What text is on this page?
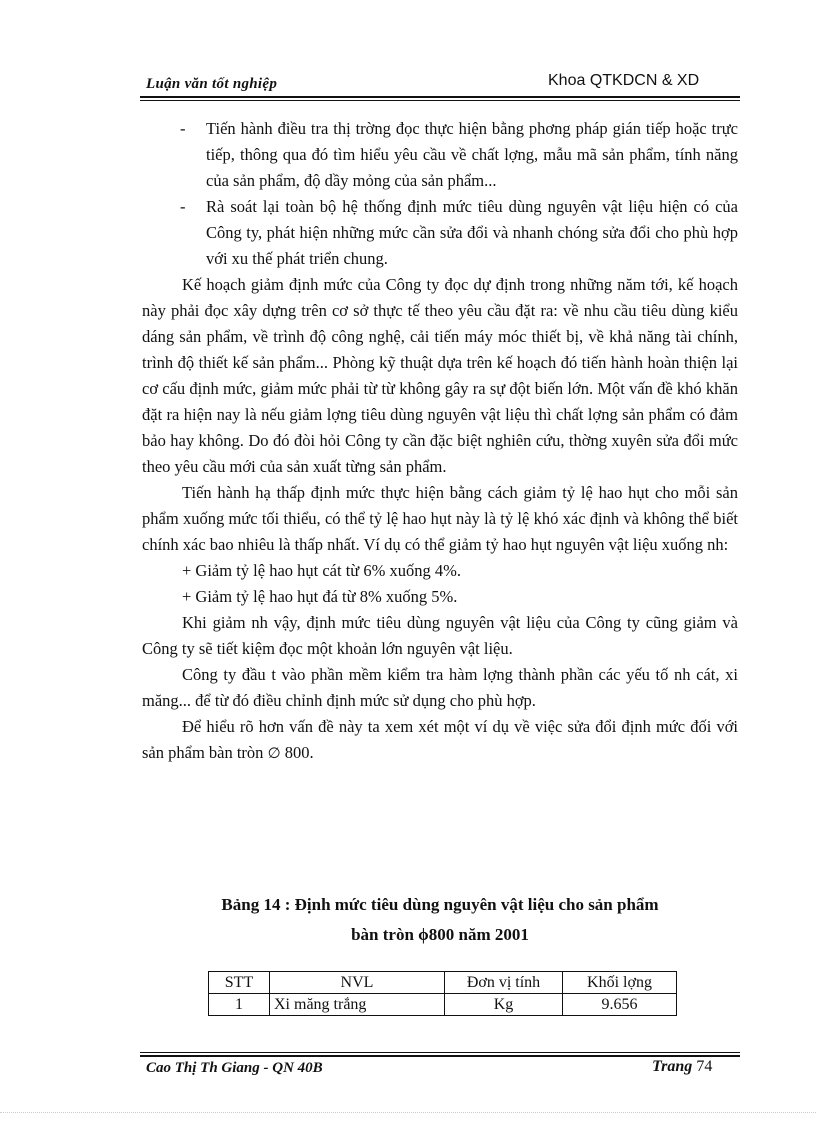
Luận văn tốt nghiệp	Khoa QTKDCN & XD
- Tiến hành điều tra thị trờng đọc thực hiện bằng phơng pháp gián tiếp hoặc trực tiếp, thông qua đó tìm hiểu yêu cầu về chất lợng, mẫu mã sản phẩm, tính năng của sản phẩm, độ dầy mỏng của sản phẩm...
- Rà soát lại toàn bộ hệ thống định mức tiêu dùng nguyên vật liệu hiện có của Công ty, phát hiện những mức cần sửa đổi và nhanh chóng sửa đổi cho phù hợp với xu thế phát triển chung.

Kế hoạch giảm định mức của Công ty đọc dự định trong những năm tới, kế hoạch này phải đọc xây dựng trên cơ sở thực tế theo yêu cầu đặt ra: về nhu cầu tiêu dùng kiểu dáng sản phẩm, về trình độ công nghệ, cải tiến máy móc thiết bị, về khả năng tài chính, trình độ thiết kế sản phẩm... Phòng kỹ thuật dựa trên kế hoạch đó tiến hành hoàn thiện lại cơ cấu định mức, giảm mức phải từ từ không gây ra sự đột biến lớn. Một vấn đề khó khăn đặt ra hiện nay là nếu giảm lợng tiêu dùng nguyên vật liệu thì chất lợng sản phẩm có đảm bảo hay không. Do đó đòi hỏi Công ty cần đặc biệt nghiên cứu, thờng xuyên sửa đổi mức theo yêu cầu mới của sản xuất từng sản phẩm.

Tiến hành hạ thấp định mức thực hiện bằng cách giảm tỷ lệ hao hụt cho mỗi sản phẩm xuống mức tối thiểu, có thể tỷ lệ hao hụt này là tỷ lệ khó xác định và không thể biết chính xác bao nhiêu là thấp nhất. Ví dụ có thể giảm tỷ hao hụt nguyên vật liệu xuống nh:

+ Giảm tỷ lệ hao hụt cát từ 6% xuống 4%.

+ Giảm tỷ lệ hao hụt đá từ 8% xuống 5%.

Khi giảm nh vậy, định mức tiêu dùng nguyên vật liệu của Công ty cũng giảm và Công ty sẽ tiết kiệm đọc một khoản lớn nguyên vật liệu.

Công ty đầu t vào phần mềm kiểm tra hàm lợng thành phần các yếu tố nh cát, xi măng... để từ đó điều chỉnh định mức sử dụng cho phù hợp.

Để hiểu rõ hơn vấn đề này ta xem xét một ví dụ về việc sửa đổi định mức đối với sản phẩm bàn tròn ∅ 800.

Bảng 14 : Định mức tiêu dùng nguyên vật liệu cho sản phẩm
bàn tròn ϕ800 năm 2001
STT	NVL	Đơn vị tính	Khối lợng
1	Xi măng trắng	Kg	9.656
Cao Thị Th Giang - QN 40B	Trang 74
